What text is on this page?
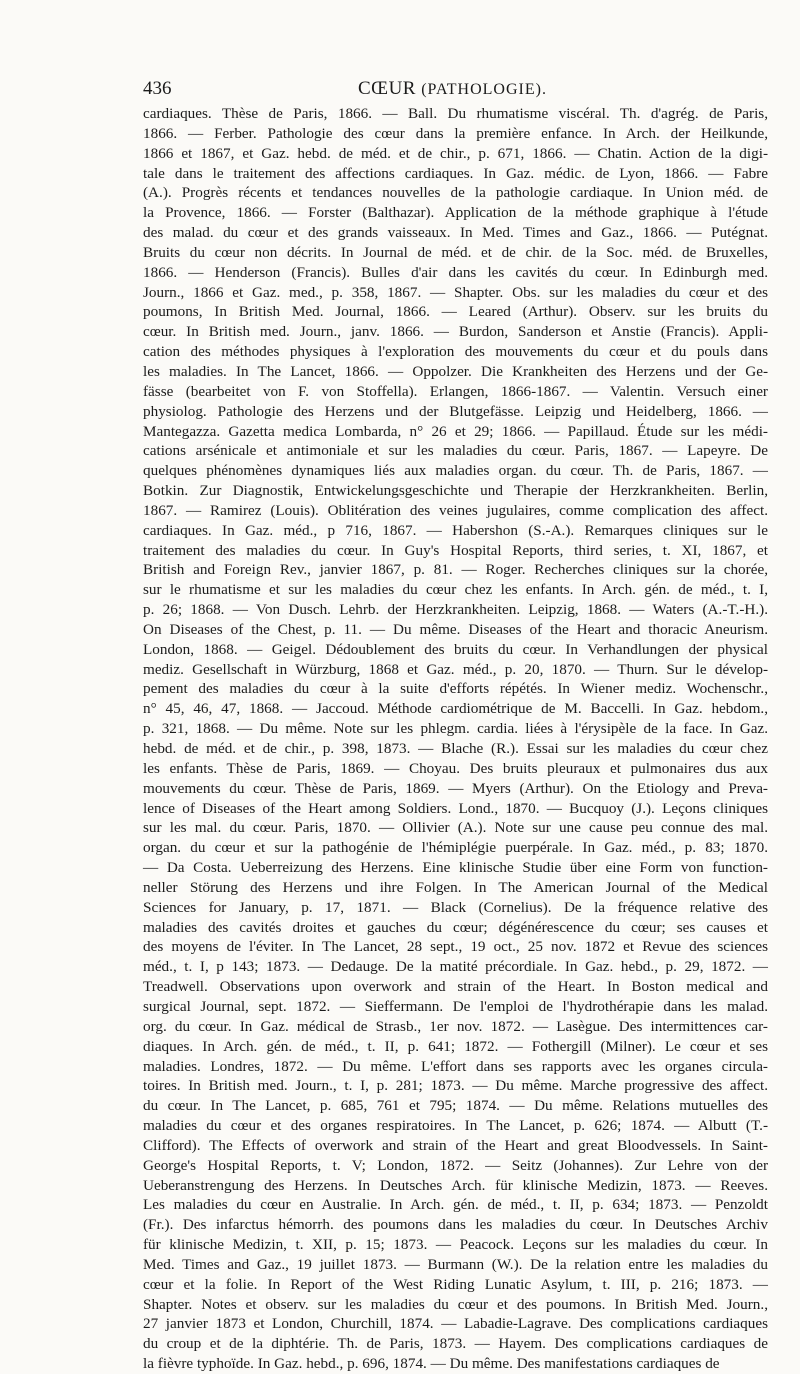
436	CŒUR (PATHOLOGIE).

cardiaques. Thèse de Paris, 1866. — Ball. Du rhumatisme viscéral. Th. d'agrég. de Paris,

1866. — Ferber. Pathologie des cœur dans la première enfance. In Arch. der Heilkunde,

1866 et 1867, et Gaz. hebd. de méd. et de chir., p. 671, 1866. — Chatin. Action de la digi-

tale dans le traitement des affections cardiaques. In Gaz. médic. de Lyon, 1866. — Fabre

(A.). Progrès récents et tendances nouvelles de la pathologie cardiaque. In Union méd. de

la Provence, 1866. — Forster (Balthazar). Application de la méthode graphique à l'étude

des malad. du cœur et des grands vaisseaux. In Med. Times and Gaz., 1866. — Putégnat.

Bruits du cœur non décrits. In Journal de méd. et de chir. de la Soc. méd. de Bruxelles,

1866. — Henderson (Francis). Bulles d'air dans les cavités du cœur. In Edinburgh med.

Journ., 1866 et Gaz. med., p. 358, 1867. — Shapter. Obs. sur les maladies du cœur et des

poumons, In British Med. Journal, 1866. — Leared (Arthur). Observ. sur les bruits du

cœur. In British med. Journ., janv. 1866. — Burdon, Sanderson et Anstie (Francis). Appli-

cation des méthodes physiques à l'exploration des mouvements du cœur et du pouls dans

les maladies. In The Lancet, 1866. — Oppolzer. Die Krankheiten des Herzens und der Ge-

fässe (bearbeitet von F. von Stoffella). Erlangen, 1866-1867. — Valentin. Versuch einer

physiolog. Pathologie des Herzens und der Blutgefässe. Leipzig und Heidelberg, 1866. —

Mantegazza. Gazetta medica Lombarda, n° 26 et 29; 1866. — Papillaud. Étude sur les médi-

cations arsénicale et antimoniale et sur les maladies du cœur. Paris, 1867. — Lapeyre. De

quelques phénomènes dynamiques liés aux maladies organ. du cœur. Th. de Paris, 1867. —

Botkin. Zur Diagnostik, Entwickelungsgeschichte und Therapie der Herzkrankheiten. Berlin,

1867. — Ramirez (Louis). Oblitération des veines jugulaires, comme complication des affect.

cardiaques. In Gaz. méd., p 716, 1867. — Habershon (S.-A.). Remarques cliniques sur le

traitement des maladies du cœur. In Guy's Hospital Reports, third series, t. XI, 1867, et

British and Foreign Rev., janvier 1867, p. 81. — Roger. Recherches cliniques sur la chorée,

sur le rhumatisme et sur les maladies du cœur chez les enfants. In Arch. gén. de méd., t. I,

p. 26; 1868. — Von Dusch. Lehrb. der Herzkrankheiten. Leipzig, 1868. — Waters (A.-T.-H.).

On Diseases of the Chest, p. 11. — Du même. Diseases of the Heart and thoracic Aneurism.

London, 1868. — Geigel. Dédoublement des bruits du cœur. In Verhandlungen der physical

mediz. Gesellschaft in Würzburg, 1868 et Gaz. méd., p. 20, 1870. — Thurn. Sur le dévelop-

pement des maladies du cœur à la suite d'efforts répétés. In Wiener mediz. Wochenschr.,

n° 45, 46, 47, 1868. — Jaccoud. Méthode cardiométrique de M. Baccelli. In Gaz. hebdom.,

p. 321, 1868. — Du même. Note sur les phlegm. cardia. liées à l'érysipèle de la face. In Gaz.

hebd. de méd. et de chir., p. 398, 1873. — Blache (R.). Essai sur les maladies du cœur chez

les enfants. Thèse de Paris, 1869. — Choyau. Des bruits pleuraux et pulmonaires dus aux

mouvements du cœur. Thèse de Paris, 1869. — Myers (Arthur). On the Etiology and Preva-

lence of Diseases of the Heart among Soldiers. Lond., 1870. — Bucquoy (J.). Leçons cliniques

sur les mal. du cœur. Paris, 1870. — Ollivier (A.). Note sur une cause peu connue des mal.

organ. du cœur et sur la pathogénie de l'hémiplégie puerpérale. In Gaz. méd., p. 83; 1870.

— Da Costa. Ueberreizung des Herzens. Eine klinische Studie über eine Form von function-

neller Störung des Herzens und ihre Folgen. In The American Journal of the Medical

Sciences for January, p. 17, 1871. — Black (Cornelius). De la fréquence relative des

maladies des cavités droites et gauches du cœur; dégénérescence du cœur; ses causes et

des moyens de l'éviter. In The Lancet, 28 sept., 19 oct., 25 nov. 1872 et Revue des sciences

méd., t. I, p 143; 1873. — Dedauge. De la matité précordiale. In Gaz. hebd., p. 29, 1872. —

Treadwell. Observations upon overwork and strain of the Heart. In Boston medical and

surgical Journal, sept. 1872. — Sieffermann. De l'emploi de l'hydrothérapie dans les malad.

org. du cœur. In Gaz. médical de Strasb., 1er nov. 1872. — Lasègue. Des intermittences car-

diaques. In Arch. gén. de méd., t. II, p. 641; 1872. — Fothergill (Milner). Le cœur et ses

maladies. Londres, 1872. — Du même. L'effort dans ses rapports avec les organes circula-

toires. In British med. Journ., t. I, p. 281; 1873. — Du même. Marche progressive des affect.

du cœur. In The Lancet, p. 685, 761 et 795; 1874. — Du même. Relations mutuelles des

maladies du cœur et des organes respiratoires. In The Lancet, p. 626; 1874. — Albutt (T.-

Clifford). The Effects of overwork and strain of the Heart and great Bloodvessels. In Saint-

George's Hospital Reports, t. V; London, 1872. — Seitz (Johannes). Zur Lehre von der

Ueberanstrengung des Herzens. In Deutsches Arch. für klinische Medizin, 1873. — Reeves.

Les maladies du cœur en Australie. In Arch. gén. de méd., t. II, p. 634; 1873. — Penzoldt

(Fr.). Des infarctus hémorrh. des poumons dans les maladies du cœur. In Deutsches Archiv

für klinische Medizin, t. XII, p. 15; 1873. — Peacock. Leçons sur les maladies du cœur. In

Med. Times and Gaz., 19 juillet 1873. — Burmann (W.). De la relation entre les maladies du

cœur et la folie. In Report of the West Riding Lunatic Asylum, t. III, p. 216; 1873. —

Shapter. Notes et observ. sur les maladies du cœur et des poumons. In British Med. Journ.,

27 janvier 1873 et London, Churchill, 1874. — Labadie-Lagrave. Des complications cardiaques

du croup et de la diphtérie. Th. de Paris, 1873. — Hayem. Des complications cardiaques de

la fièvre typhoïde. In Gaz. hebd., p. 696, 1874. — Du même. Des manifestations cardiaques de
